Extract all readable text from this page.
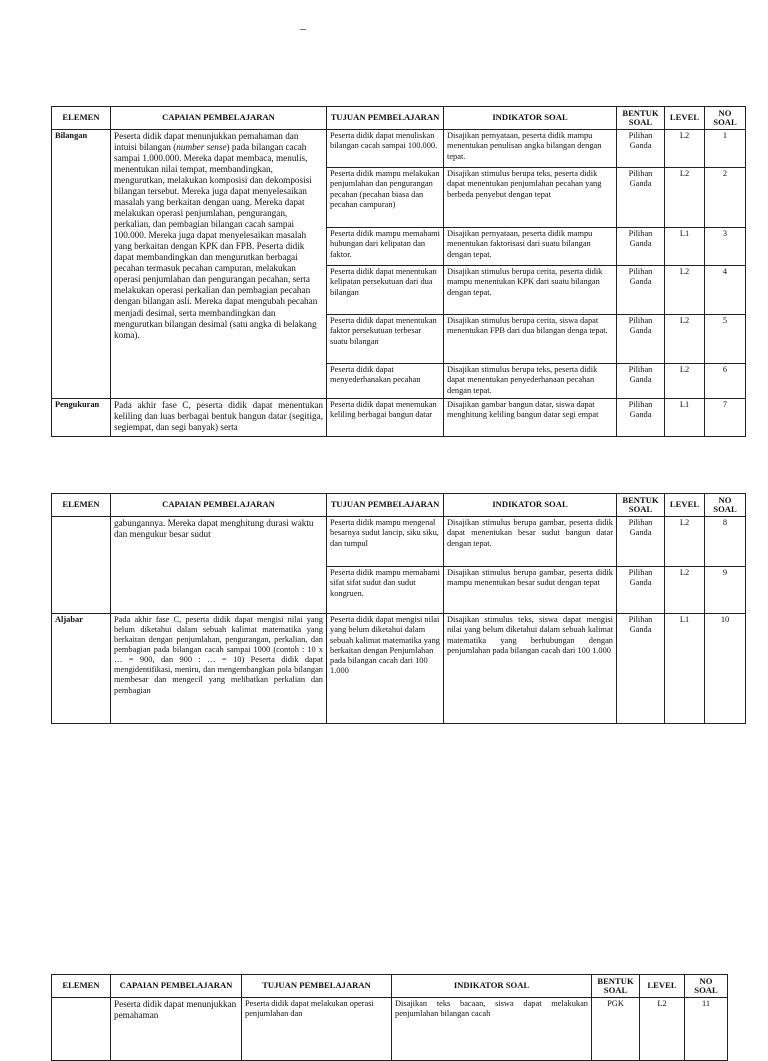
–
ELEMEN	CAPAIAN PEMBELAJARAN	TUJUAN PEMBELAJARAN	INDIKATOR SOAL	BENTUK SOAL	LEVEL	NO SOAL
Bilangan	Peserta didik dapat menunjukkan pemahaman dan intuisi bilangan (number sense) pada bilangan cacah sampai 1.000.000. Mereka dapat membaca, menulis, menentukan nilai tempat, membandingkan, mengurutkan, melakukan komposisi dan dekomposisi bilangan tersebut. Mereka juga dapat menyelesaikan masalah yang berkaitan dengan uang. Mereka dapat melakukan operasi penjumlahan, pengurangan, perkalian, dan pembagian bilangan cacah sampai 100.000. Mereka juga dapat menyelesaikan masalah yang berkaitan dengan KPK dan FPB. Peserta didik dapat membandingkan dan mengurutkan berbagai pecahan termasuk pecahan campuran, melakukan operasi penjumlahan dan pengurangan pecahan, serta melakukan operasi perkalian dan pembagian pecahan dengan bilangan asli. Mereka dapat mengubah pecahan menjadi desimal, serta membandingkan dan mengurutkan bilangan desimal (satu angka di belakang koma).	Peserta didik dapat menuliskan bilangan cacah sampai 100.000.	Disajikan pernyataan, peserta didik mampu menentukan penulisan angka bilangan dengan tepat.	Pilihan Ganda	L2	1
		Peserta didik mampu melakukan penjumlahan dan pengurangan pecahan (pecahan biasa dan pecahan campuran)	Disajikan stimulus berupa teks, peserta didik dapat menentukan penjumlahan pecahan yang berbeda penyebut dengan tepat	Pilihan Ganda	L2	2
		Peserta didik mampu memahami hubungan dari kelipatan dan faktor.	Disajikan pernyataan, peserta didik mampu menentukan faktorisasi dari suatu bilangan dengan tepat.	Pilihan Ganda	L1	3
		Peserta didik dapat menentukan kelipatan persekutuan dari dua bilangan	Disajikan stimulus berupa cerita, peserta didik mampu menentukan KPK dari suatu bilangan dengan tepat.	Pilihan Ganda	L2	4
		Peserta didik dapat menentukan faktor persekutuan terbesar suatu bilangan	Disajikan stimulus berupa cerita, siswa dapat menentukan FPB dari dua bilangan denga tepat.	Pilihan Ganda	L2	5
		Peserta didik dapat menyederhanakan pecahan	Disajikan stimulus berupa teks, peserta didik dapat menentukan penyederhanaan pecahan dengan tepat.	Pilihan Ganda	L2	6
Pengukuran	Pada akhir fase C, peserta didik dapat menentukan keliling dan luas berbagai bentuk bangun datar (segitiga, segiempat, dan segi banyak) serta	Peserta didik dapat menemukan keliling berbagai bangun datar	Disajikan gambar bangun datar, siswa dapat menghitung keliling bangun datar segi empat	Pilihan Ganda	L1	7
ELEMEN	CAPAIAN PEMBELAJARAN	TUJUAN PEMBELAJARAN	INDIKATOR SOAL	BENTUK SOAL	LEVEL	NO SOAL
	gabungannya. Mereka dapat menghitung durasi waktu dan mengukur besar sudut	Peserta didik mampu mengenal besarnya sudut lancip, siku siku, dan tumpul	Disajikan stimulus berupa gambar, peserta didik dapat menentukan besar sudut bangun datar dengan tepat.	Pilihan Ganda	L2	8
		Peserta didik mampu memahami sifat sifat sudut dan sudut kongruen.	Disajikan stimulus berupa gambar, peserta didik mampu menentukan besar sudut dengan tepat	Pilihan Ganda	L2	9
Aljabar	Pada akhir fase C, peserta didik dapat mengisi nilai yang belum diketahui dalam sebuah kalimat matematika yang berkaitan dengan penjumlahan, pengurangan, perkalian, dan pembagian pada bilangan cacah sampai 1000 (contoh : 10 x … = 900, dan 900 : … = 10) Peserta didik dapat mengidentifikasi, meniru, dan mengembangkan pola bilangan membesar dan mengecil yang melibatkan perkalian dan pembagian	Peserta didik dapat mengisi nilai yang belum diketahui dalam sebuah kalimat matematika yang berkaitan dengan Penjumlahan pada bilangan cacah dari 100 1.000	Disajikan stimulus teks, siswa dapat mengisi nilai yang belum diketahui dalam sebuah kalimat matematika yang berhubungan dengan penjumlahan pada bilangan cacah dari 100 1.000	Pilihan Ganda	L1	10
ELEMEN	CAPAIAN PEMBELAJARAN	TUJUAN PEMBELAJARAN	INDIKATOR SOAL	BENTUK SOAL	LEVEL	NO SOAL
	Peserta didik dapat menunjukkan pemahaman	Peserta didik dapat melakukan operasi penjumlahan dan	Disajikan teks bacaan, siswa dapat melakukan penjumlahan bilangan cacah	PGK	L2	11
